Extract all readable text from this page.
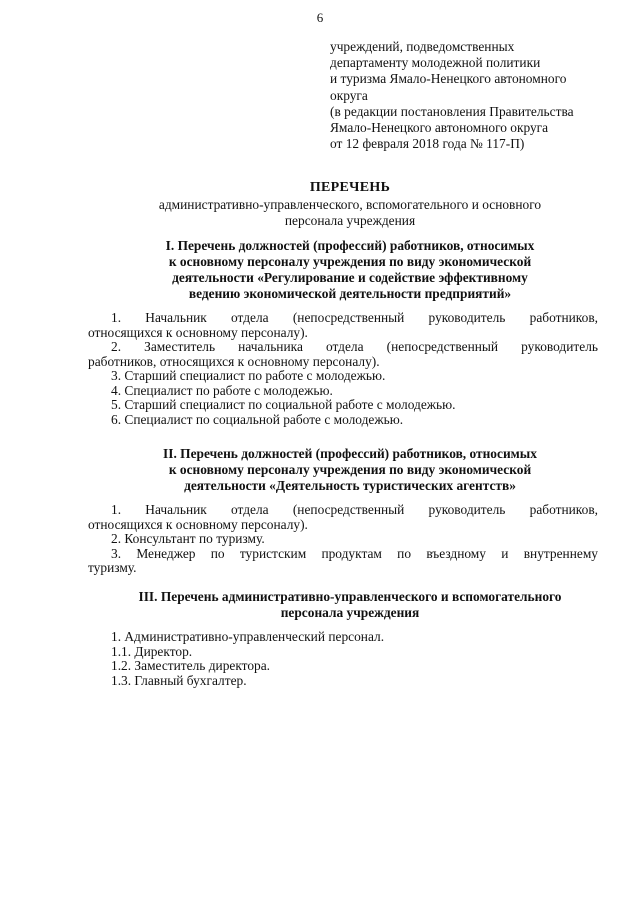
6
учреждений, подведомственных
департаменту молодежной политики
и туризма Ямало-Ненецкого автономного
округа
(в редакции постановления Правительства
Ямало-Ненецкого автономного округа
от 12 февраля 2018 года № 117-П)
ПЕРЕЧЕНЬ
административно-управленческого, вспомогательного и основного
персонала учреждения
I. Перечень должностей (профессий) работников, относимых
к основному персоналу учреждения по виду экономической
деятельности «Регулирование и содействие эффективному
ведению экономической деятельности предприятий»
1. Начальник отдела (непосредственный руководитель работников,
относящихся к основному персоналу).
2. Заместитель начальника отдела (непосредственный руководитель
работников, относящихся к основному персоналу).
3. Старший специалист по работе с молодежью.
4. Специалист по работе с молодежью.
5. Старший специалист по социальной работе с молодежью.
6. Специалист по социальной работе с молодежью.
II. Перечень должностей (профессий) работников, относимых
к основному персоналу учреждения по виду экономической
деятельности «Деятельность туристических агентств»
1. Начальник отдела (непосредственный руководитель работников,
относящихся к основному персоналу).
2. Консультант по туризму.
3. Менеджер по туристским продуктам по въездному и внутреннему
туризму.
III. Перечень административно-управленческого и вспомогательного
персонала учреждения
1. Административно-управленческий персонал.
1.1. Директор.
1.2. Заместитель директора.
1.3. Главный бухгалтер.
